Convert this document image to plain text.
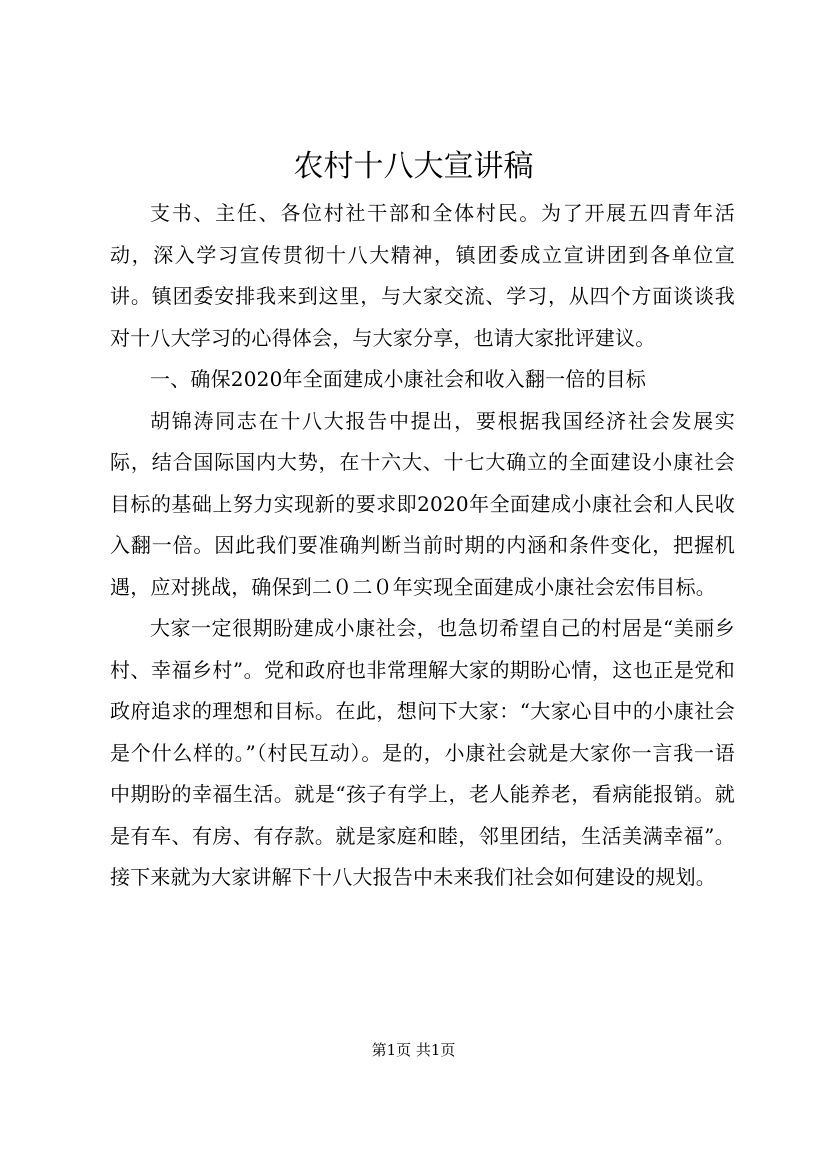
农村十八大宣讲稿

支书、主任、各位村社干部和全体村民。为了开展五四青年活动，深入学习宣传贯彻十八大精神，镇团委成立宣讲团到各单位宣讲。镇团委安排我来到这里，与大家交流、学习，从四个方面谈谈我对十八大学习的心得体会，与大家分享，也请大家批评建议。

一、确保2020年全面建成小康社会和收入翻一倍的目标

胡锦涛同志在十八大报告中提出，要根据我国经济社会发展实际，结合国际国内大势，在十六大、十七大确立的全面建设小康社会目标的基础上努力实现新的要求即2020年全面建成小康社会和人民收入翻一倍。因此我们要准确判断当前时期的内涵和条件变化，把握机遇，应对挑战，确保到二０二０年实现全面建成小康社会宏伟目标。

大家一定很期盼建成小康社会，也急切希望自己的村居是“美丽乡村、幸福乡村”。党和政府也非常理解大家的期盼心情，这也正是党和政府追求的理想和目标。在此，想问下大家：“大家心目中的小康社会是个什么样的。”（村民互动）。是的，小康社会就是大家你一言我一语中期盼的幸福生活。就是“孩子有学上，老人能养老，看病能报销。就是有车、有房、有存款。就是家庭和睦，邻里团结，生活美满幸福”。接下来就为大家讲解下十八大报告中未来我们社会如何建设的规划。

第1页 共1页
